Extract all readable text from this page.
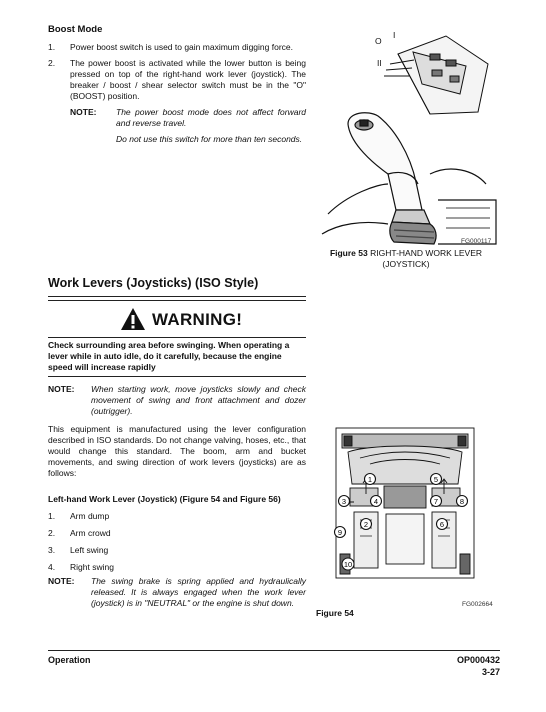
Boost Mode
1. Power boost switch is used to gain maximum digging force.
2. The power boost is activated while the lower button is being pressed on top of the right-hand work lever (joystick). The breaker / boost / shear selector switch must be in the "O" (BOOST) position.
NOTE: The power boost mode does not affect forward and reverse travel.
Do not use this switch for more than ten seconds.
O
I
II
FG000117
Figure 53 RIGHT-HAND WORK LEVER (JOYSTICK)
Work Levers (Joysticks) (ISO Style)
WARNING!
Check surrounding area before swinging. When operating a lever while in auto idle, do it carefully, because the engine speed will increase rapidly
NOTE: When starting work, move joysticks slowly and check movement of swing and front attachment and dozer (outrigger).
This equipment is manufactured using the lever configuration described in ISO standards. Do not change valving, hoses, etc., that would change this standard. The boom, arm and bucket movements, and swing direction of work levers (joysticks) are as follows:
Left-hand Work Lever (Joystick) (Figure 54 and Figure 56)
1. Arm dump
2. Arm crowd
3. Left swing
4. Right swing
NOTE: The swing brake is spring applied and hydraulically released. It is always engaged when the work lever (joystick) is in "NEUTRAL" or the engine is shut down.
1
2
3	4
5
6
7	8
9
10
FG002664
Figure 54
Operation	OP000432
3-27
